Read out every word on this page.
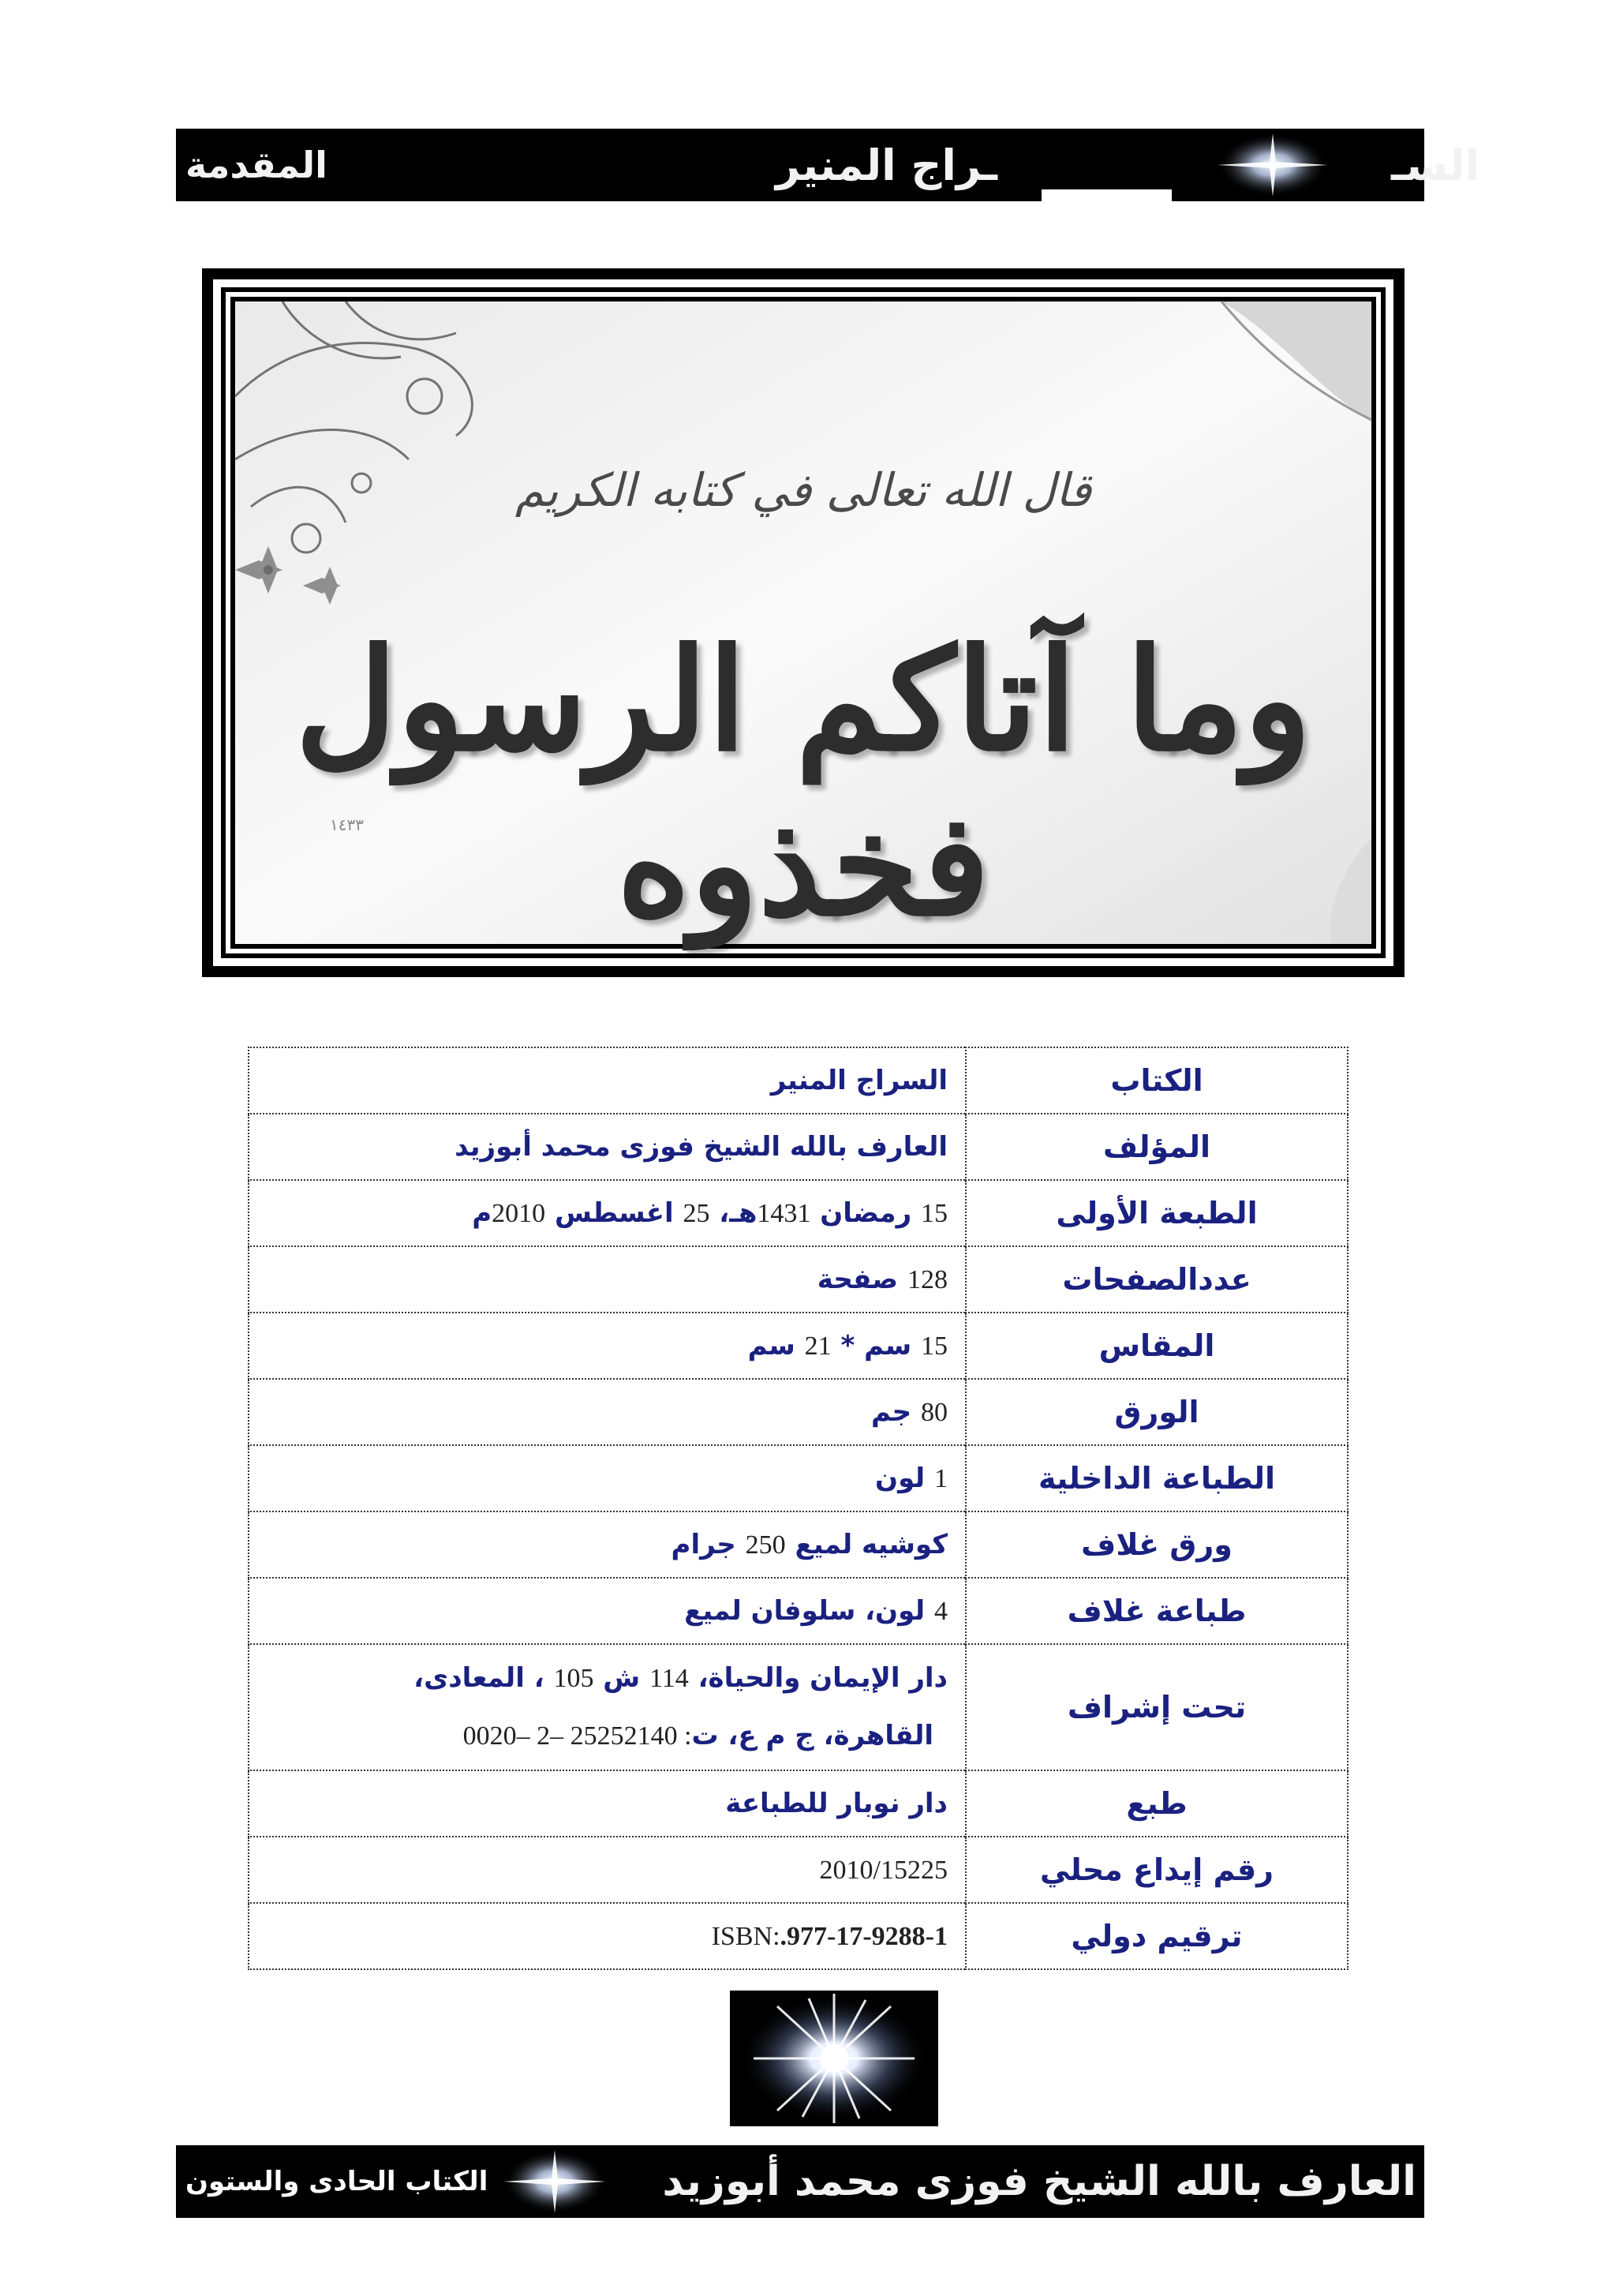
المقدمة	ـراج المنير	السـ )2(
١٤٣٣
قال الله تعالى في كتابه الكريم
وما آتاكم الرسول فخذوه
الكتاب	السراج المنير
المؤلف	العارف بالله الشيخ فوزى محمد أبوزيد
الطبعة الأولى	15 رمضان 1431هـ، 25 اغسطس 2010م
عددالصفحات	128 صفحة
المقاس	15 سم * 21 سم
الورق	80 جم
الطباعة الداخلية	1 لون
ورق غلاف	كوشيه لميع 250 جرام
طباعة غلاف	4 لون، سلوفان لميع
تحت إشراف	دار الإيمان والحياة، 114 ش 105 ، المعادى،
القاهرة، ج م ع، ت: 25252140 –2 –0020

طبع	دار نوبار للطباعة
رقم إيداع محلي	2010/15225
ترقيم دولي	ISBN:.977-17-9288-1
العارف بالله الشيخ فوزى محمد أبوزيد
الكتاب الحادى والستون
